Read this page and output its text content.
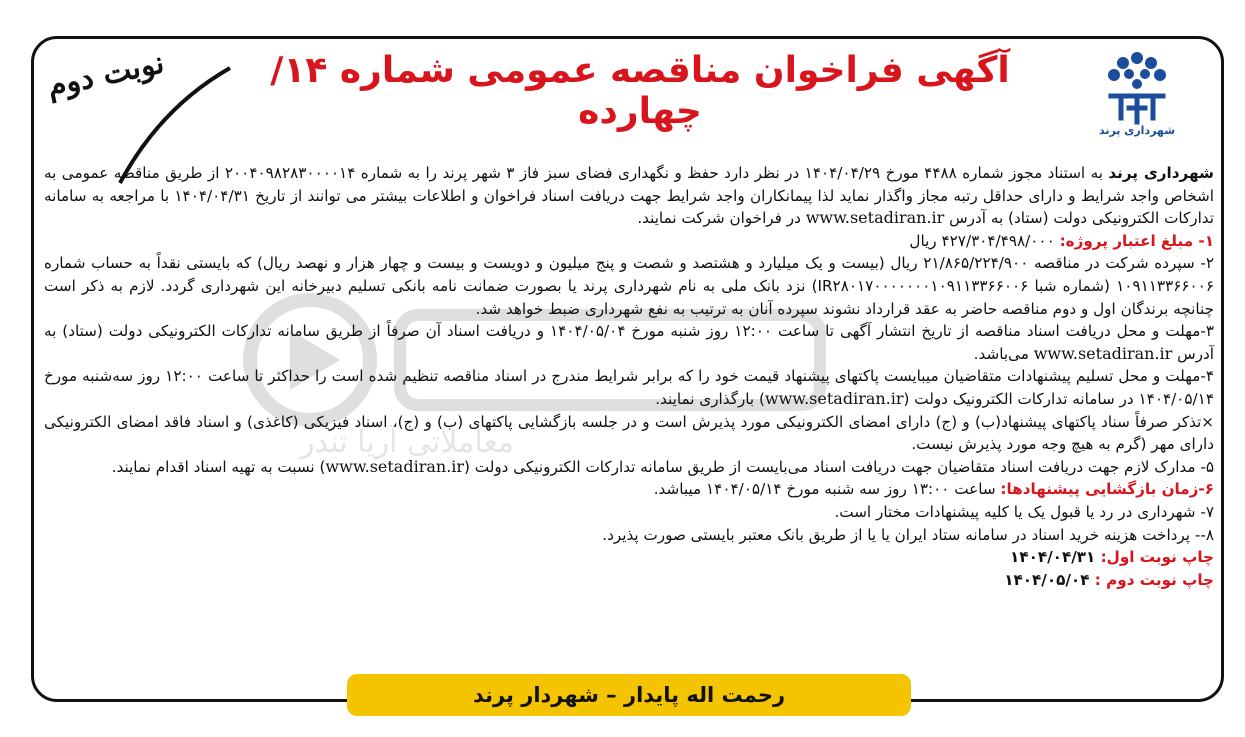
نوبت دوم
شهرداری پرند
آگهی فراخوان مناقصه عمومی شماره ۱۴/چهارده
معاملاتی آریا تندر

شهرداری پرند به استناد مجوز شماره ۴۴۸۸ مورخ ۱۴۰۴/۰۴/۲۹ در نظر دارد حفظ و نگهداری فضای سبز فاز ۳ شهر پرند را به شماره ۲۰۰۴۰۹۸۲۸۳۰۰۰۰۱۴ از طریق مناقصه عمومی به اشخاص واجد شرایط و دارای حداقل رتبه مجاز واگذار نماید لذا پیمانکاران واجد شرایط جهت دریافت اسناد فراخوان و اطلاعات بیشتر می توانند از تاریخ ۱۴۰۴/۰۴/۳۱ با مراجعه به سامانه تدارکات الکترونیکی دولت (ستاد) به آدرس www.setadiran.ir در فراخوان شرکت نمایند.

۱- مبلغ اعتبار پروژه: ۴۲۷/۳۰۴/۴۹۸/۰۰۰ ریال

۲- سپرده شرکت در مناقصه ۲۱/۸۶۵/۲۲۴/۹۰۰ ریال (بیست و یک میلیارد و هشتصد و شصت و پنج میلیون و دویست و بیست و چهار هزار و نهصد ریال) که بایستی نقداً به حساب شماره ۱۰۹۱۱۳۳۶۶۰۰۶ (شماره شبا IR۲۸۰۱۷۰۰۰۰۰۰۰۱۰۹۱۱۳۳۶۶۰۰۶) نزد بانک ملی به نام شهرداری پرند یا بصورت ضمانت نامه بانکی تسلیم دبیرخانه این شهرداری گردد. لازم به ذکر است چنانچه برندگان اول و دوم مناقصه حاضر به عقد قرارداد نشوند سپرده آنان به ترتیب به نفع شهرداری ضبط خواهد شد.

۳-مهلت و محل دریافت اسناد مناقصه از تاریخ انتشار آگهی تا ساعت ۱۲:۰۰ روز شنبه مورخ ۱۴۰۴/۰۵/۰۴ و دریافت اسناد آن صرفاً از طریق سامانه تدارکات الکترونیکی دولت (ستاد) به آدرس www.setadiran.ir می‌باشد.

۴-مهلت و محل تسلیم پیشنهادات متقاضیان میبایست پاکتهای پیشنهاد قیمت خود را که برابر شرایط مندرج در اسناد مناقصه تنظیم شده است را حداکثر تا ساعت ۱۲:۰۰ روز سه‌شنبه مورخ ۱۴۰۴/۰۵/۱۴ در سامانه تدارکات الکترونیک دولت (www.setadiran.ir) بارگذاری نمایند.

×تذکر صرفاً سناد پاکتهای پیشنهاد(ب) و (ج) دارای امضای الکترونیکی مورد پذیرش است و در جلسه بازگشایی پاکتهای (ب) و (ج)، اسناد فیزیکی (کاغذی) و اسناد فاقد امضای الکترونیکی دارای مهر (گرم به هیچ وجه مورد پذیرش نیست.

۵- مدارک لازم جهت دریافت اسناد متقاضیان جهت دریافت اسناد می‌بایست از طریق سامانه تدارکات الکترونیکی دولت (www.setadiran.ir) نسبت به تهیه اسناد اقدام نمایند.

۶-زمان بازگشایی پیشنهادها: ساعت ۱۳:۰۰ روز سه شنبه مورخ ۱۴۰۴/۰۵/۱۴ میباشد.

۷- شهرداری در رد یا قبول یک یا کلیه پیشنهادات مختار است.

۸-- پرداخت هزینه خرید اسناد در سامانه ستاد ایران یا یا از طریق بانک معتبر بایستی صورت پذیرد.

چاپ نوبت اول: ۱۴۰۴/۰۴/۳۱

چاپ نوبت دوم : ۱۴۰۴/۰۵/۰۴

رحمت اله پایدار – شهردار پرند
